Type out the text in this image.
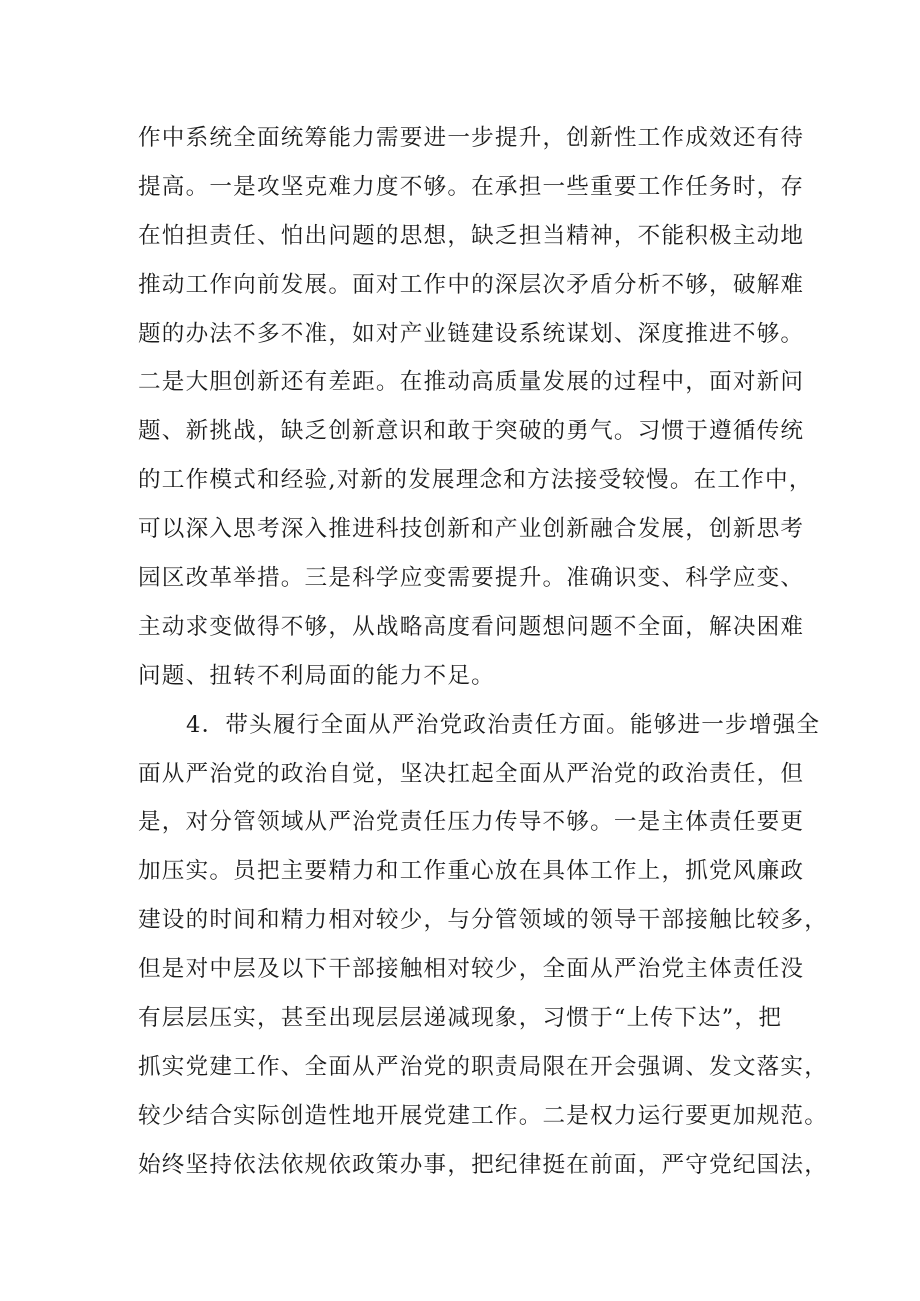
作中系统全面统筹能力需要进一步提升，创新性工作成效还有待
提高。一是攻坚克难力度不够。在承担一些重要工作任务时，存
在怕担责任、怕出问题的思想，缺乏担当精神，不能积极主动地
推动工作向前发展。面对工作中的深层次矛盾分析不够，破解难
题的办法不多不准，如对产业链建设系统谋划、深度推进不够。
二是大胆创新还有差距。在推动高质量发展的过程中，面对新问
题、新挑战，缺乏创新意识和敢于突破的勇气。习惯于遵循传统
的工作模式和经验,对新的发展理念和方法接受较慢。在工作中，
可以深入思考深入推进科技创新和产业创新融合发展，创新思考
园区改革举措。三是科学应变需要提升。准确识变、科学应变、
主动求变做得不够，从战略高度看问题想问题不全面，解决困难
问题、扭转不利局面的能力不足。
4．带头履行全面从严治党政治责任方面。能够进一步增强全
面从严治党的政治自觉，坚决扛起全面从严治党的政治责任，但
是，对分管领域从严治党责任压力传导不够。一是主体责任要更
加压实。员把主要精力和工作重心放在具体工作上，抓党风廉政
建设的时间和精力相对较少，与分管领域的领导干部接触比较多，
但是对中层及以下干部接触相对较少，全面从严治党主体责任没
有层层压实，甚至出现层层递减现象，习惯于“上传下达”，把
抓实党建工作、全面从严治党的职责局限在开会强调、发文落实，
较少结合实际创造性地开展党建工作。二是权力运行要更加规范。
始终坚持依法依规依政策办事，把纪律挺在前面，严守党纪国法，
